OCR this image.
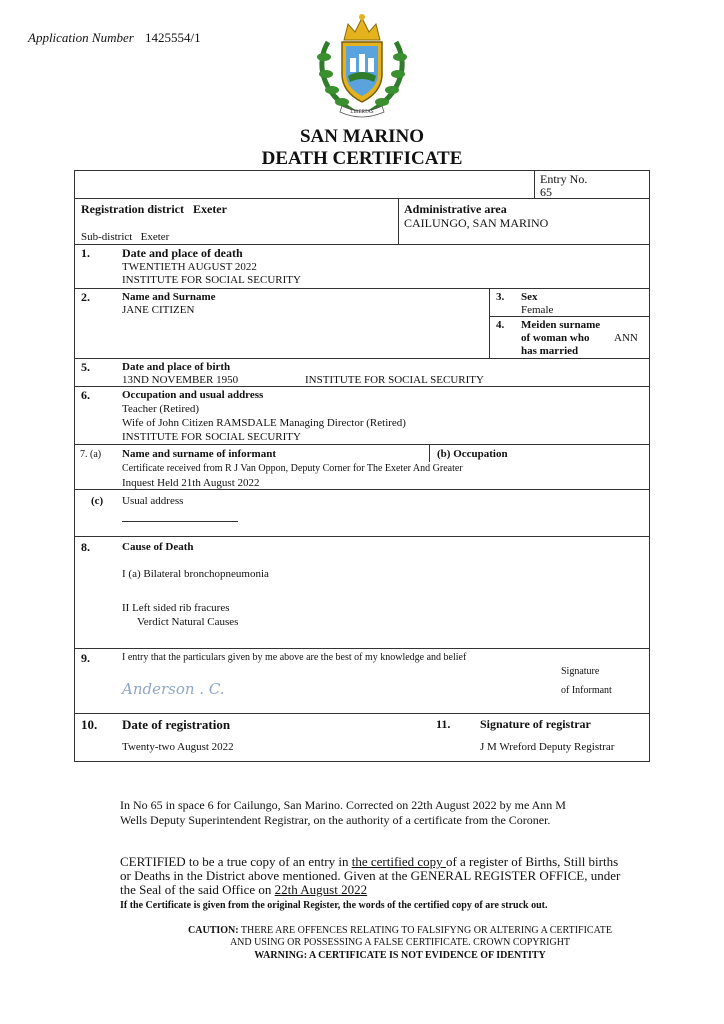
Application Number 1425554/1
LIBERTAS
SAN MARINO
DEATH CERTIFICATE
Entry No.
65
Registration district Exeter
Sub-district Exeter
Administrative area
CAILUNGO, SAN MARINO
1.	Date and place of death
TWENTIETH AUGUST 2022
INSTITUTE FOR SOCIAL SECURITY
2.	Name and Surname
JANE CITIZEN
3. Sex
Female
4. Meiden surname
of woman who
has married
ANN
5.	Date and place of birth
13ND NOVEMBER 1950	INSTITUTE FOR SOCIAL SECURITY
6.	Occupation and usual address
Teacher (Retired)
Wife of John Citizen RAMSDALE Managing Director (Retired)
INSTITUTE FOR SOCIAL SECURITY
7. (a) Name and surname of informant	(b) Occupation
Certificate received from R J Van Oppon, Deputy Corner for The Exeter And Greater
Inquest Held 21th August 2022
(c) Usual address
8.	Cause of Death
I (a) Bilateral bronchopneumonia
II Left sided rib fracures
Verdict Natural Causes
9.	I entry that the particulars given by me above are the best of my knowledge and belief
Signature
of Informant
Anderson . C.
10. Date of registration
Twenty-two August 2022
11. Signature of registrar
J M Wreford Deputy Registrar
In No 65 in space 6 for Cailungo, San Marino. Corrected on 22th August 2022 by me Ann M
Wells Deputy Superintendent Registrar, on the authority of a certificate from the Coroner.
CERTIFIED to be a true copy of an entry in the certified copy of a register of Births, Still births
or Deaths in the District above mentioned. Given at the GENERAL REGISTER OFFICE, under
the Seal of the said Office on 22th August 2022
If the Certificate is given from the original Register, the words of the certified copy of are struck out.
CAUTION: THERE ARE OFFENCES RELATING TO FALSIFYNG OR ALTERING A CERTIFICATE
AND USING OR POSSESSING A FALSE CERTIFICATE. CROWN COPYRIGHT
WARNING: A CERTIFICATE IS NOT EVIDENCE OF IDENTITY
